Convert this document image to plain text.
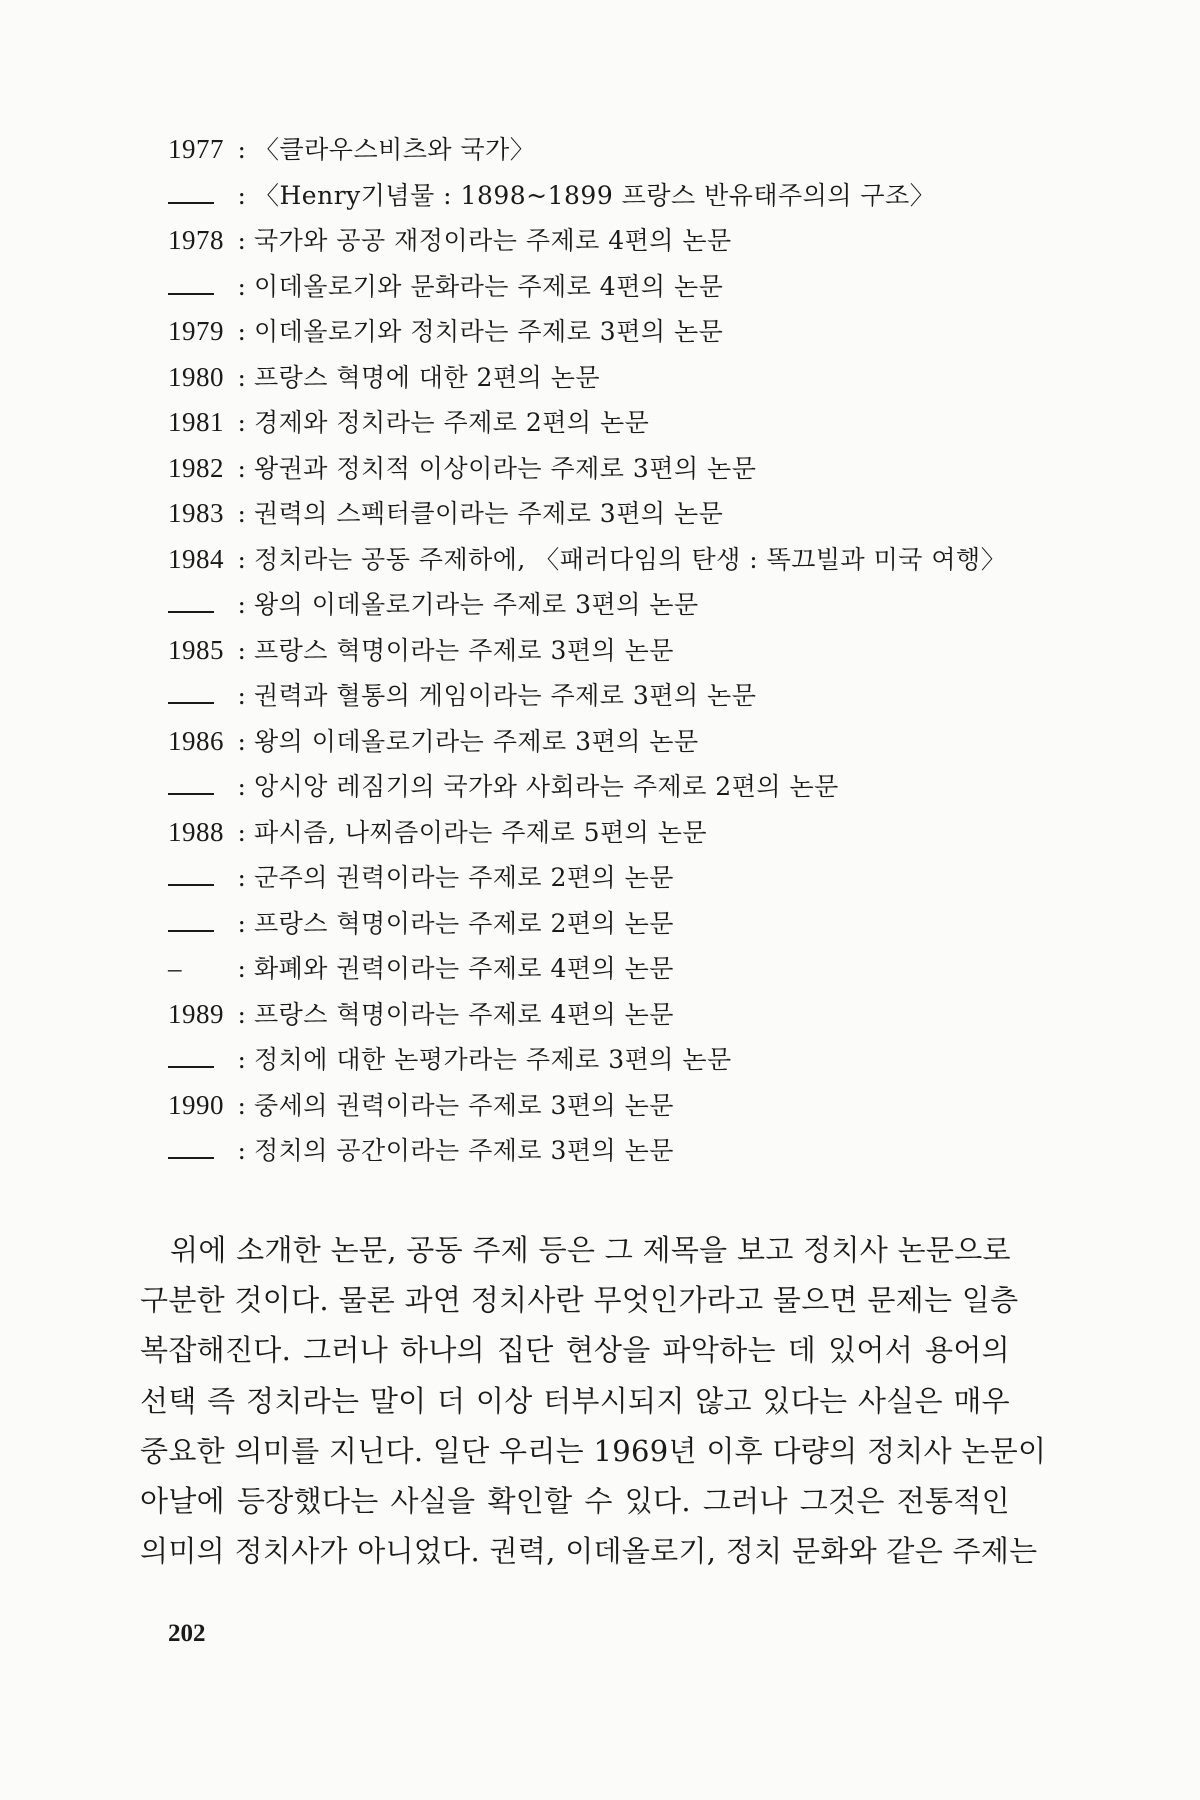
1977 : 〈클라우스비츠와 국가〉
: 〈Henry기념물 : 1898~1899 프랑스 반유태주의의 구조〉
1978 : 국가와 공공 재정이라는 주제로 4편의 논문
: 이데올로기와 문화라는 주제로 4편의 논문
1979 : 이데올로기와 정치라는 주제로 3편의 논문
1980 : 프랑스 혁명에 대한 2편의 논문
1981 : 경제와 정치라는 주제로 2편의 논문
1982 : 왕권과 정치적 이상이라는 주제로 3편의 논문
1983 : 권력의 스펙터클이라는 주제로 3편의 논문
1984 : 정치라는 공동 주제하에, 〈패러다임의 탄생 : 똑끄빌과 미국 여행〉
: 왕의 이데올로기라는 주제로 3편의 논문
1985 : 프랑스 혁명이라는 주제로 3편의 논문
: 권력과 혈통의 게임이라는 주제로 3편의 논문
1986 : 왕의 이데올로기라는 주제로 3편의 논문
: 앙시앙 레짐기의 국가와 사회라는 주제로 2편의 논문
1988 : 파시즘, 나찌즘이라는 주제로 5편의 논문
: 군주의 권력이라는 주제로 2편의 논문
: 프랑스 혁명이라는 주제로 2편의 논문
–	: 화폐와 권력이라는 주제로 4편의 논문
1989 : 프랑스 혁명이라는 주제로 4편의 논문
: 정치에 대한 논평가라는 주제로 3편의 논문
1990 : 중세의 권력이라는 주제로 3편의 논문
: 정치의 공간이라는 주제로 3편의 논문
위에 소개한 논문, 공동 주제 등은 그 제목을 보고 정치사 논문으로
구분한 것이다. 물론 과연 정치사란 무엇인가라고 물으면 문제는 일층
복잡해진다. 그러나 하나의 집단 현상을 파악하는 데 있어서 용어의
선택 즉 정치라는 말이 더 이상 터부시되지 않고 있다는 사실은 매우
중요한 의미를 지닌다. 일단 우리는 1969년 이후 다량의 정치사 논문이
아날에 등장했다는 사실을 확인할 수 있다. 그러나 그것은 전통적인
의미의 정치사가 아니었다. 권력, 이데올로기, 정치 문화와 같은 주제는
202
